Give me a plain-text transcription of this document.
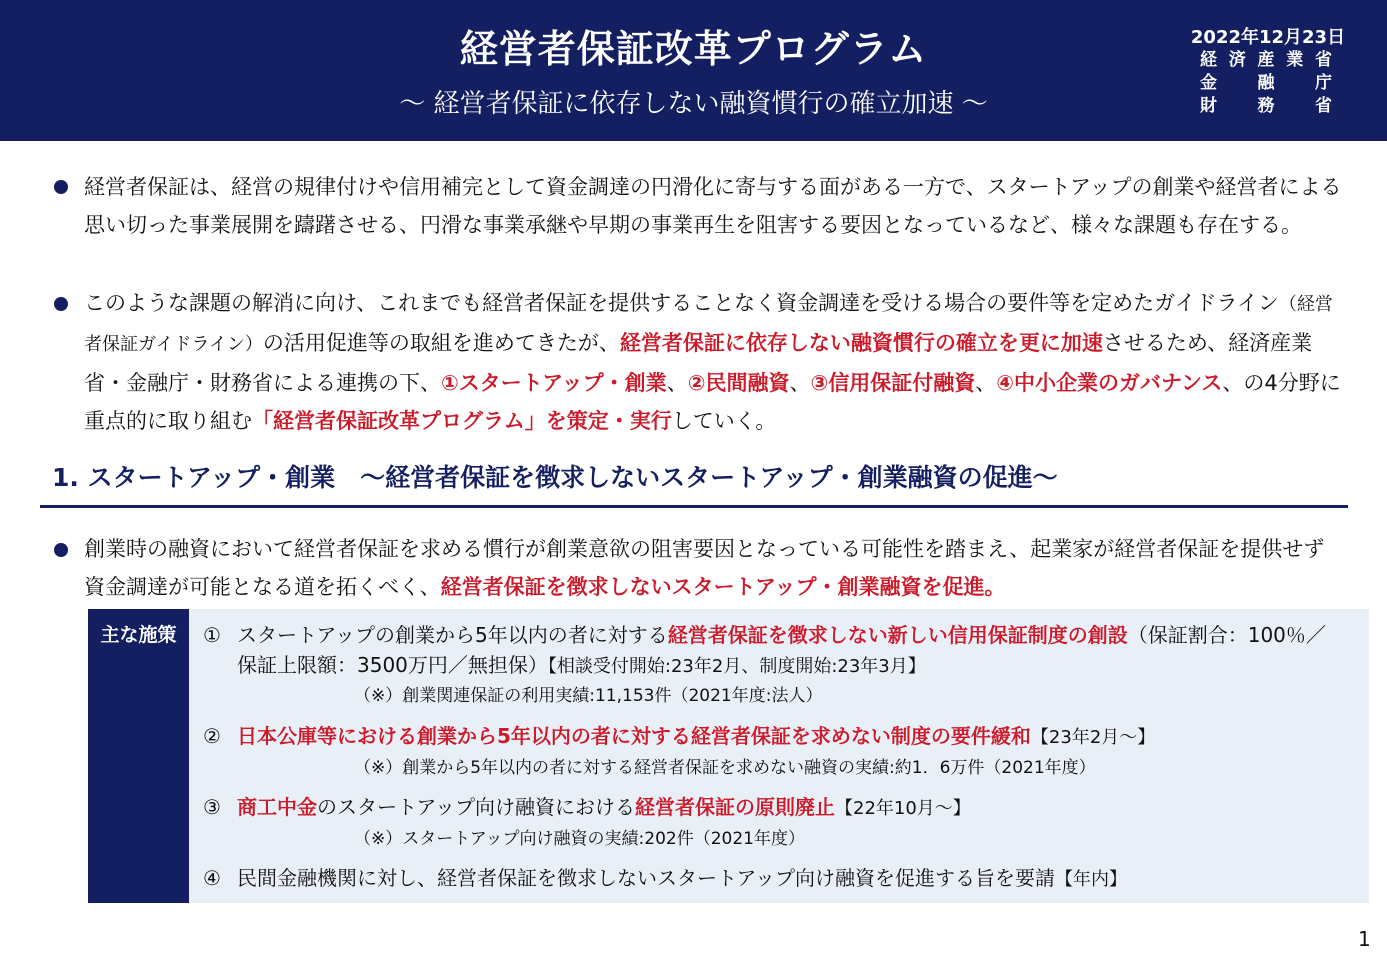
経営者保証改革プログラム
～ 経営者保証に依存しない融資慣行の確立加速 ～
2022年12月23日
経 済 産 業 省
金 融 庁
財 務 省
経営者保証は、経営の規律付けや信用補完として資金調達の円滑化に寄与する面がある一方で、スタートアップの創業や経営者による思い切った事業展開を躊躇させる、円滑な事業承継や早期の事業再生を阻害する要因となっているなど、様々な課題も存在する。
このような課題の解消に向け、これまでも経営者保証を提供することなく資金調達を受ける場合の要件等を定めたガイドライン（経営者保証ガイドライン）の活用促進等の取組を進めてきたが、経営者保証に依存しない融資慣行の確立を更に加速させるため、経済産業省・金融庁・財務省による連携の下、①スタートアップ・創業、②民間融資、③信用保証付融資、④中小企業のガバナンス、の4分野に重点的に取り組む「経営者保証改革プログラム」を策定・実行していく。
1. スタートアップ・創業　～経営者保証を徴求しないスタートアップ・創業融資の促進～
創業時の融資において経営者保証を求める慣行が創業意欲の阻害要因となっている可能性を踏まえ、起業家が経営者保証を提供せず資金調達が可能となる道を拓くべく、経営者保証を徴求しないスタートアップ・創業融資を促進。
主な施策	① スタートアップの創業から5年以内の者に対する経営者保証を徴求しない新しい信用保証制度の創設（保証割合：100％／保証上限額：3500万円／無担保）【相談受付開始:23年2月、制度開始:23年3月】
（※）創業関連保証の利用実績:11,153件（2021年度:法人）
② 日本公庫等における創業から5年以内の者に対する経営者保証を求めない制度の要件緩和【23年2月～】
（※）創業から5年以内の者に対する経営者保証を求めない融資の実績:約1．6万件（2021年度）
③ 商工中金のスタートアップ向け融資における経営者保証の原則廃止【22年10月～】
（※）スタートアップ向け融資の実績:202件（2021年度）
④ 民間金融機関に対し、経営者保証を徴求しないスタートアップ向け融資を促進する旨を要請【年内】
1
